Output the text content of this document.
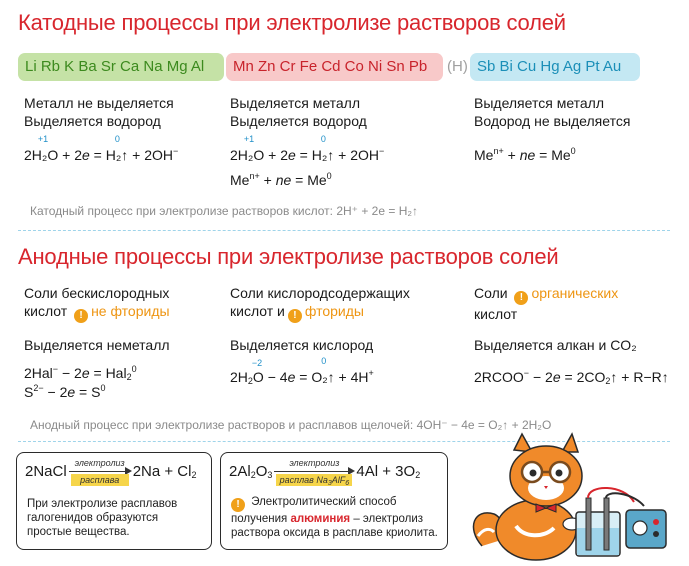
Катодные процессы при электролизе растворов солей
Li Rb K Ba Sr Ca Na Mg Al	Mn Zn Cr Fe Cd Co Ni Sn Pb	(H) Sb Bi Cu Hg Ag Pt Au
Металл не выделяется
Выделяется водород
2H₂
+1
O + 2e = H₂
0
↑ + 2OH−
Выделяется металл
Выделяется водород
2H₂
+1
O + 2e = H₂
0
↑ + 2OH−
$Me^{n+}$ + ne = $Me^0$
Выделяется металл
Водород не выделяется
$Me^{n+}$ + ne = $Me^0$
Катодный процесс при электролизе растворов кислот: 2H⁺ + 2e = H₂↑
Анодные процессы при электролизе растворов солей
Соли бескислородных
кислот ! не фториды
Выделяется неметалл
2Hal− − 2e = Hal$_2^0$
$S^{2-} - 2e = S^0$
Соли кислородсодержащих
кислот и ! фториды
Выделяется кислород
$2H_2O$
−2
− 4e = O₂
0
↑ + 4H+
Соли ! органических
кислот
Выделяется алкан и CO₂
2RCOO− − $2e = 2CO_2↑$ + R−R↑
Анодный процесс при электролизе растворов и расплавов щелочей: 4OH⁻ − 4e = O₂↑ + 2H₂O
2NaCl электролиз
расплава
$2Na + Cl_2$
При электролизе расплавов
галогенидов образуются
простые вещества.
$2Al_2O_3$
электролиз
расплав $Na_3AlF_6$
$4Al + 3O_2$
! Электролитический способ
получения алюминия – электролиз
раствора оксида в расплаве криолита.
